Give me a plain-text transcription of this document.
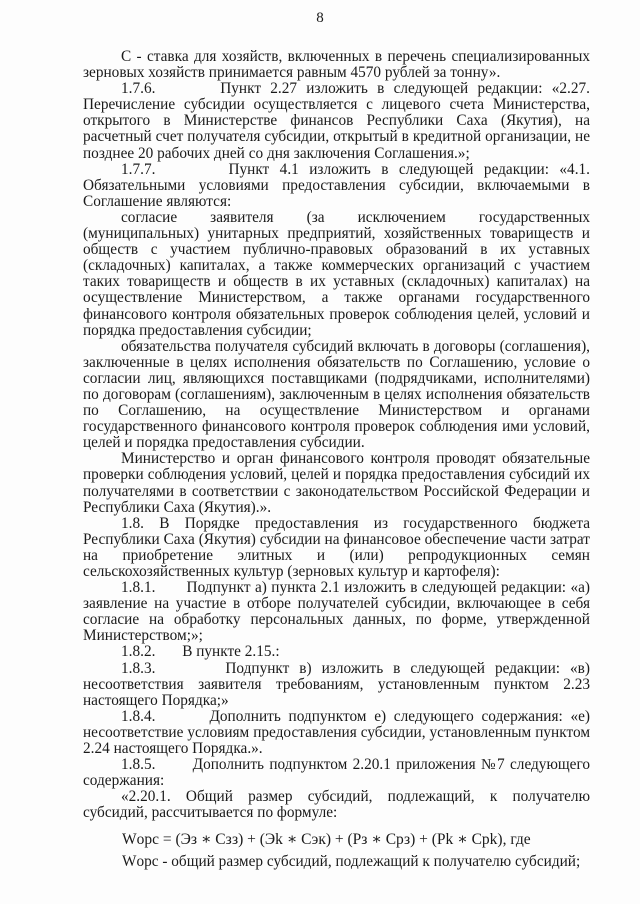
8

С - ставка для хозяйств, включенных в перечень специализированных зерновых хозяйств принимается равным 4570 рублей за тонну».

1.7.6.       Пункт 2.27 изложить в следующей редакции: «2.27. Перечисление субсидии осуществляется с лицевого счета Министерства, открытого в Министерстве финансов Республики Саха (Якутия), на расчетный счет получателя субсидии, открытый в кредитной организации, не позднее 20 рабочих дней со дня заключения Соглашения.»;

1.7.7.       Пункт 4.1 изложить в следующей редакции: «4.1. Обязательными условиями предоставления субсидии, включаемыми в Соглашение являются:

согласие заявителя (за исключением государственных (муниципальных) унитарных предприятий, хозяйственных товариществ и обществ с участием публично-правовых образований в их уставных (складочных) капиталах, а также коммерческих организаций с участием таких товариществ и обществ в их уставных (складочных) капиталах) на осуществление Министерством, а также органами государственного финансового контроля обязательных проверок соблюдения целей, условий и порядка предоставления субсидии;

обязательства получателя субсидий включать в договоры (соглашения), заключенные в целях исполнения обязательств по Соглашению, условие о согласии лиц, являющихся поставщиками (подрядчиками, исполнителями) по договорам (соглашениям), заключенным в целях исполнения обязательств по Соглашению, на осуществление Министерством и органами государственного финансового контроля проверок соблюдения ими условий, целей и порядка предоставления субсидии.

Министерство и орган финансового контроля проводят обязательные проверки соблюдения условий, целей и порядка предоставления субсидий их получателями в соответствии с законодательством Российской Федерации и Республики Саха (Якутия).».

1.8. В Порядке предоставления из государственного бюджета Республики Саха (Якутия) субсидии на финансовое обеспечение части затрат на приобретение элитных и (или) репродукционных семян сельскохозяйственных культур (зерновых культур и картофеля):

1.8.1.       Подпункт а) пункта 2.1 изложить в следующей редакции: «а) заявление на участие в отборе получателей субсидии, включающее в себя согласие на обработку персональных данных, по форме, утвержденной Министерством;»;

1.8.2.       В пункте 2.15.:

1.8.3.       Подпункт в) изложить в следующей редакции: «в) несоответствия заявителя требованиям, установленным пунктом 2.23 настоящего Порядка;»

1.8.4.       Дополнить подпунктом е) следующего содержания: «е) несоответствие условиям предоставления субсидии, установленным пунктом 2.24 настоящего Порядка.».

1.8.5.       Дополнить подпунктом 2.20.1 приложения №7 следующего содержания:

«2.20.1. Общий размер субсидий, подлежащий, к получателю субсидий, рассчитывается по формуле:

Wорс = (Эз ∗ Сзз) + (Эk ∗ Сэк) + (Рз ∗ Срз) + (Рk ∗ Срk), где

Wорс - общий размер субсидий, подлежащий к получателю субсидий;
